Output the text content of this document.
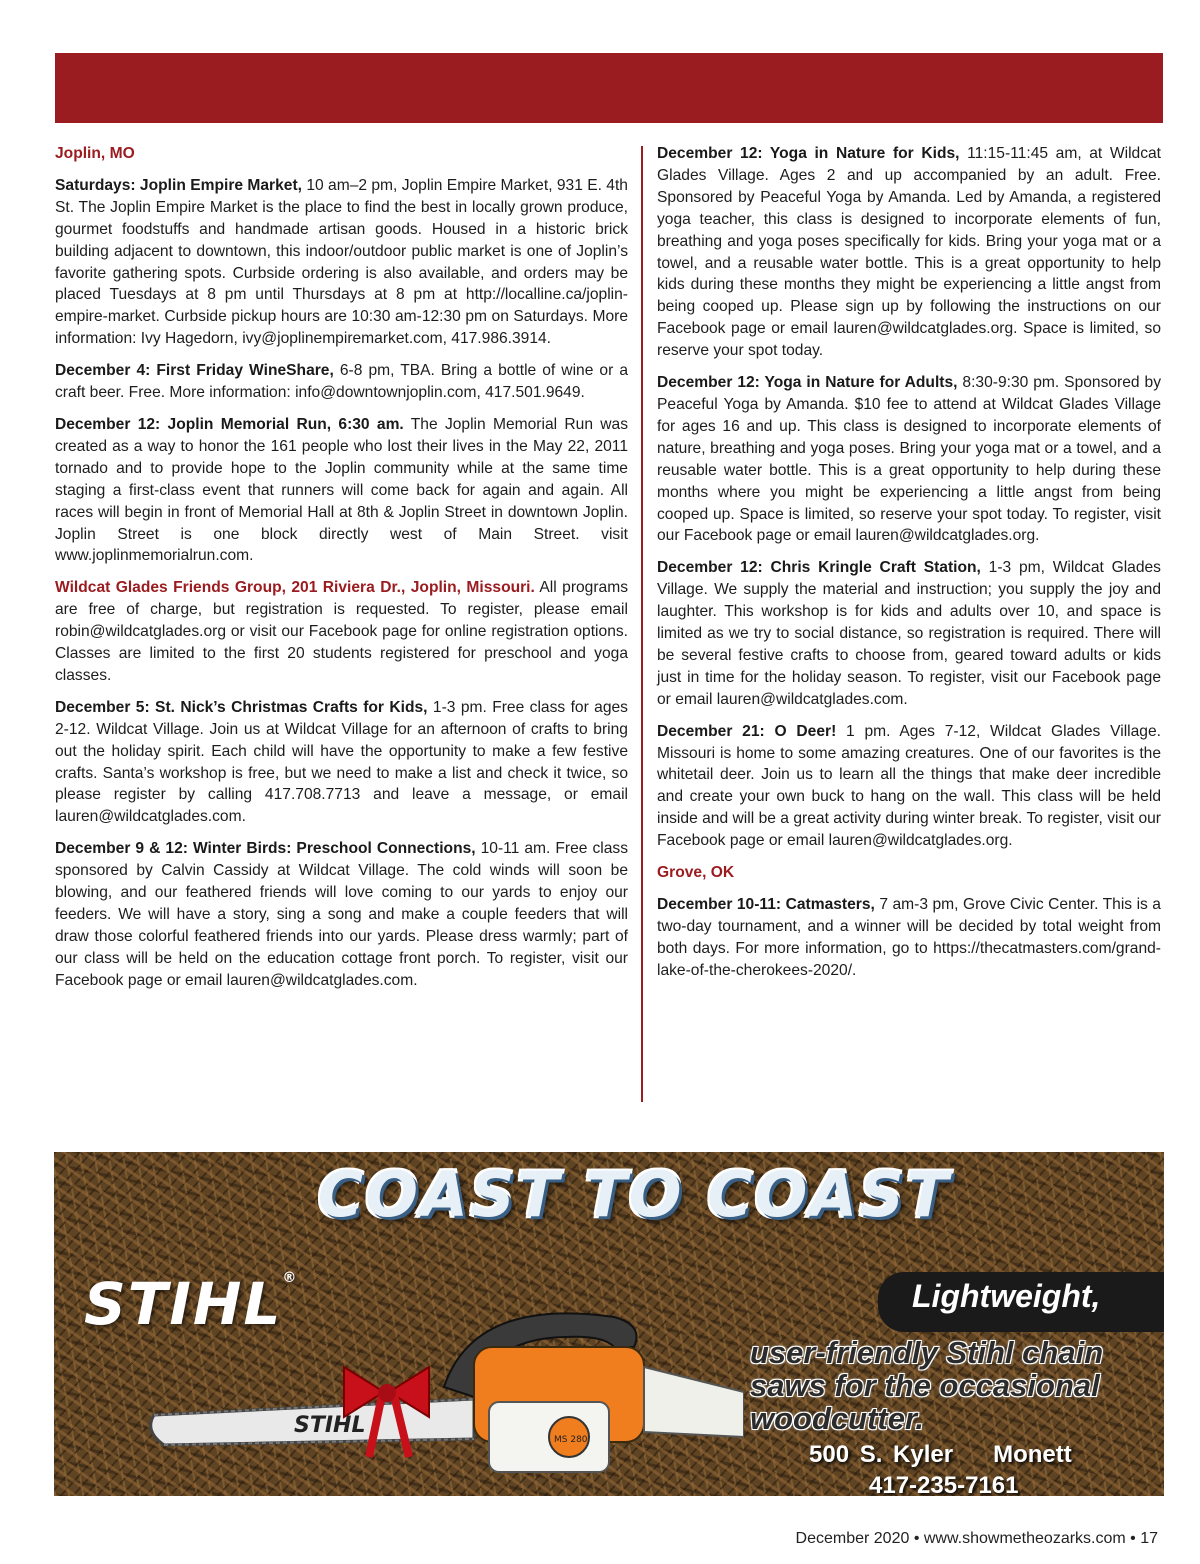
Joplin, MO
Saturdays: Joplin Empire Market, 10 am–2 pm, Joplin Empire Market, 931 E. 4th St. The Joplin Empire Market is the place to find the best in locally grown produce, gourmet foodstuffs and handmade artisan goods. Housed in a historic brick building adjacent to downtown, this indoor/outdoor public market is one of Joplin’s favorite gathering spots. Curbside ordering is also available, and orders may be placed Tuesdays at 8 pm until Thursdays at 8 pm at http://localline.ca/joplin-empire-market. Curbside pickup hours are 10:30 am-12:30 pm on Saturdays. More information: Ivy Hagedorn, ivy@joplinempiremarket.com, 417.986.3914.
December 4: First Friday WineShare, 6-8 pm, TBA. Bring a bottle of wine or a craft beer. Free. More information: info@downtownjoplin.com, 417.501.9649.
December 12: Joplin Memorial Run, 6:30 am. The Joplin Memorial Run was created as a way to honor the 161 people who lost their lives in the May 22, 2011 tornado and to provide hope to the Joplin community while at the same time staging a first-class event that runners will come back for again and again. All races will begin in front of Memorial Hall at 8th & Joplin Street in downtown Joplin. Joplin Street is one block directly west of Main Street. visit www.joplinmemorialrun.com.
Wildcat Glades Friends Group, 201 Riviera Dr., Joplin, Missouri. All programs are free of charge, but registration is requested. To register, please email robin@wildcatglades.org or visit our Facebook page for online registration options. Classes are limited to the first 20 students registered for preschool and yoga classes.
December 5: St. Nick’s Christmas Crafts for Kids, 1-3 pm. Free class for ages 2-12. Wildcat Village. Join us at Wildcat Village for an afternoon of crafts to bring out the holiday spirit. Each child will have the opportunity to make a few festive crafts. Santa’s workshop is free, but we need to make a list and check it twice, so please register by calling 417.708.7713 and leave a message, or email lauren@wildcatglades.com.
December 9 & 12: Winter Birds: Preschool Connections, 10-11 am. Free class sponsored by Calvin Cassidy at Wildcat Village. The cold winds will soon be blowing, and our feathered friends will love coming to our yards to enjoy our feeders. We will have a story, sing a song and make a couple feeders that will draw those colorful feathered friends into our yards. Please dress warmly; part of our class will be held on the education cottage front porch. To register, visit our Facebook page or email lauren@wildcatglades.com.
December 12: Yoga in Nature for Kids, 11:15-11:45 am, at Wildcat Glades Village. Ages 2 and up accompanied by an adult. Free. Sponsored by Peaceful Yoga by Amanda. Led by Amanda, a registered yoga teacher, this class is designed to incorporate elements of fun, breathing and yoga poses specifically for kids. Bring your yoga mat or a towel, and a reusable water bottle. This is a great opportunity to help kids during these months they might be experiencing a little angst from being cooped up. Please sign up by following the instructions on our Facebook page or email lauren@wildcatglades.org. Space is limited, so reserve your spot today.
December 12: Yoga in Nature for Adults, 8:30-9:30 pm. Sponsored by Peaceful Yoga by Amanda. $10 fee to attend at Wildcat Glades Village for ages 16 and up. This class is designed to incorporate elements of nature, breathing and yoga poses. Bring your yoga mat or a towel, and a reusable water bottle. This is a great opportunity to help during these months where you might be experiencing a little angst from being cooped up. Space is limited, so reserve your spot today. To register, visit our Facebook page or email lauren@wildcatglades.org.
December 12: Chris Kringle Craft Station, 1-3 pm, Wildcat Glades Village. We supply the material and instruction; you supply the joy and laughter. This workshop is for kids and adults over 10, and space is limited as we try to social distance, so registration is required. There will be several festive crafts to choose from, geared toward adults or kids just in time for the holiday season. To register, visit our Facebook page or email lauren@wildcatglades.com.
December 21: O Deer! 1 pm. Ages 7-12, Wildcat Glades Village. Missouri is home to some amazing creatures. One of our favorites is the whitetail deer. Join us to learn all the things that make deer incredible and create your own buck to hang on the wall. This class will be held inside and will be a great activity during winter break. To register, visit our Facebook page or email lauren@wildcatglades.org.
Grove, OK
December 10-11: Catmasters, 7 am-3 pm, Grove Civic Center. This is a two-day tournament, and a winner will be decided by total weight from both days. For more information, go to https://thecatmasters.com/grand-lake-of-the-cherokees-2020/.
COAST TO COAST
STIHL®
STIHL
MS 280
Lightweight,
user-friendly Stihl chain saws for the occasional woodcutter.
500 S. Kyler Monett
417-235-7161
December 2020 • www.showmetheozarks.com • 17
